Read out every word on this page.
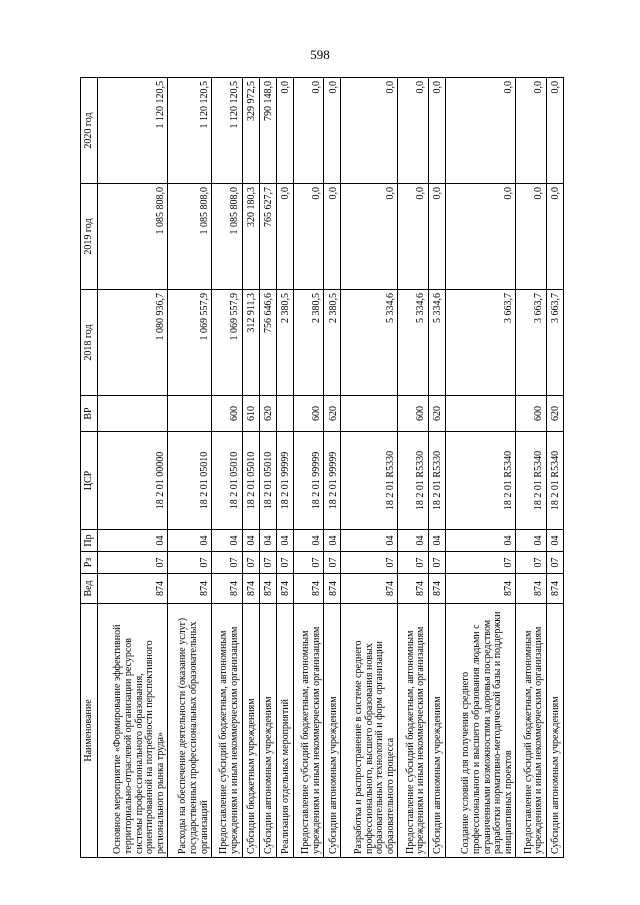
598
Наименование	Вед	Рз	Пр	ЦСР	ВР	2018 год	2019 год	2020 год
Основное мероприятие «Формирование эффективной территориально-отраслевой организации ресурсов системы профессионального образования, ориентированной на потребности перспективного регионального рынка труда»	874	07	04	18 2 01 00000		1 080 936,7	1 085 808,0	1 120 120,5
Расходы на обеспечение деятельности (оказание услуг) государственных профессиональных образовательных организаций	874	07	04	18 2 01 05010		1 069 557,9	1 085 808,0	1 120 120,5
Предоставление субсидий бюджетным, автономным учреждениям и иным некоммерческим организациям	874	07	04	18 2 01 05010	600	1 069 557,9	1 085 808,0	1 120 120,5
Субсидии бюджетным учреждениям	874	07	04	18 2 01 05010	610	312 911,3	320 180,3	329 972,5
Субсидии автономным учреждениям	874	07	04	18 2 01 05010	620	756 646,6	765 627,7	790 148,0
Реализация отдельных мероприятий	874	07	04	18 2 01 99999		2 380,5	0,0	0,0
Предоставление субсидий бюджетным, автономным учреждениям и иным некоммерческим организациям	874	07	04	18 2 01 99999	600	2 380,5	0,0	0,0
Субсидии автономным учреждениям	874	07	04	18 2 01 99999	620	2 380,5	0,0	0,0
Разработка и распространение в системе среднего профессионального, высшего образования новых образовательных технологий и форм организации образовательного процесса	874	07	04	18 2 01 R5330		5 334,6	0,0	0,0
Предоставление субсидий бюджетным, автономным учреждениям и иным некоммерческим организациям	874	07	04	18 2 01 R5330	600	5 334,6	0,0	0,0
Субсидии автономным учреждениям	874	07	04	18 2 01 R5330	620	5 334,6	0,0	0,0
Создание условий для получения среднего профессионального и высшего образования людьми с ограниченными возможностями здоровья посредством разработки нормативно-методической базы и поддержки инициативных проектов	874	07	04	18 2 01 R5340		3 663,7	0,0	0,0
Предоставление субсидий бюджетным, автономным учреждениям и иным некоммерческим организациям	874	07	04	18 2 01 R5340	600	3 663,7	0,0	0,0
Субсидии автономным учреждениям	874	07	04	18 2 01 R5340	620	3 663,7	0,0	0,0
